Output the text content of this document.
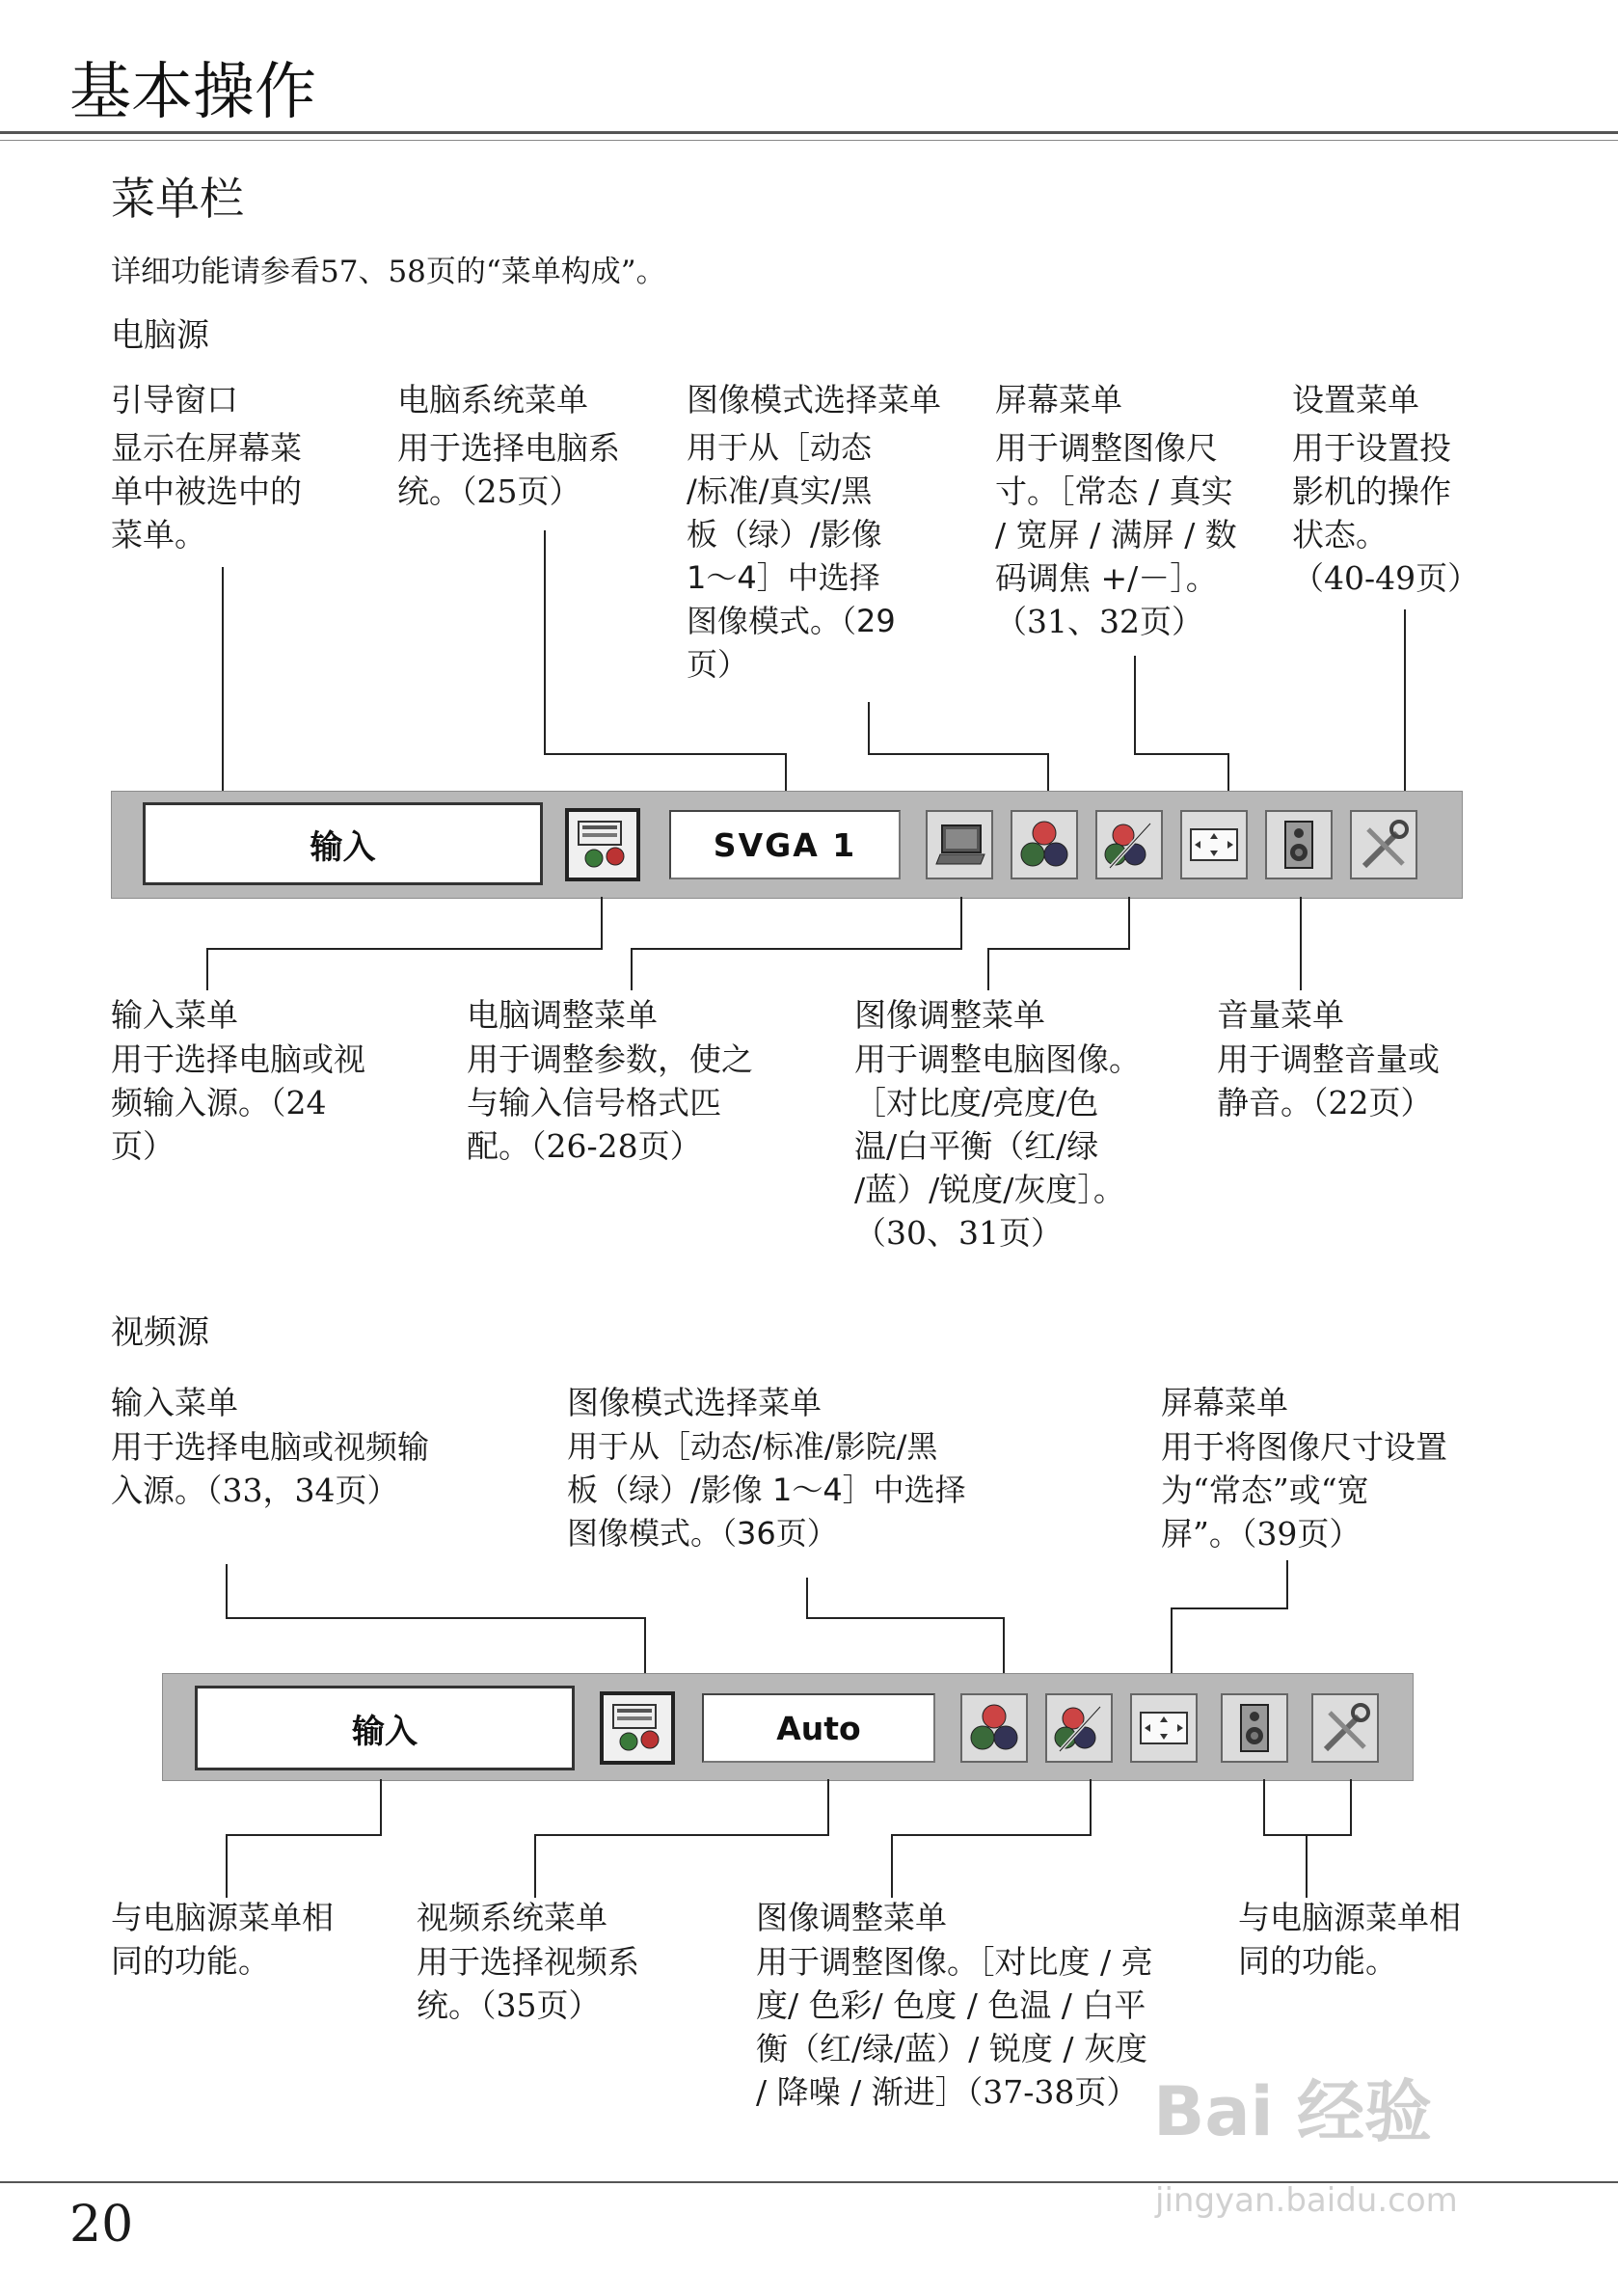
基本操作
菜单栏
详细功能请参看57、58页的“菜单构成”。
电脑源
引导窗口
显示在屏幕菜
单中被选中的
菜单。
电脑系统菜单
用于选择电脑系
统。（25页）
图像模式选择菜单
用于从［动态
/标准/真实/黑
板（绿）/影像
1～4］中选择
图像模式。（29
页）
屏幕菜单
用于调整图像尺
寸。［常态 / 真实
/ 宽屏 / 满屏 / 数
码调焦 +/－］。
（31、32页）
设置菜单
用于设置投
影机的操作
状态。
（40-49页）
输入	SVGA 1
输入菜单
用于选择电脑或视
频输入源。（24
页）
电脑调整菜单
用于调整参数，使之
与输入信号格式匹
配。（26-28页）
图像调整菜单
用于调整电脑图像。
［对比度/亮度/色
温/白平衡（红/绿
/蓝）/锐度/灰度］。
（30、31页）
音量菜单
用于调整音量或
静音。（22页）
视频源
输入菜单
用于选择电脑或视频输
入源。（33，34页）
图像模式选择菜单
用于从［动态/标准/影院/黑
板（绿）/影像 1～4］中选择
图像模式。（36页）
屏幕菜单
用于将图像尺寸设置
为“常态”或“宽
屏”。（39页）
输入	Auto
与电脑源菜单相
同的功能。
视频系统菜单
用于选择视频系
统。（35页）
图像调整菜单
用于调整图像。［对比度 / 亮
度/ 色彩/ 色度 / 色温 / 白平
衡（红/绿/蓝）/ 锐度 / 灰度
/ 降噪 / 渐进］（37-38页）
与电脑源菜单相
同的功能。
20
Bai 经验
jingyan.baidu.com
